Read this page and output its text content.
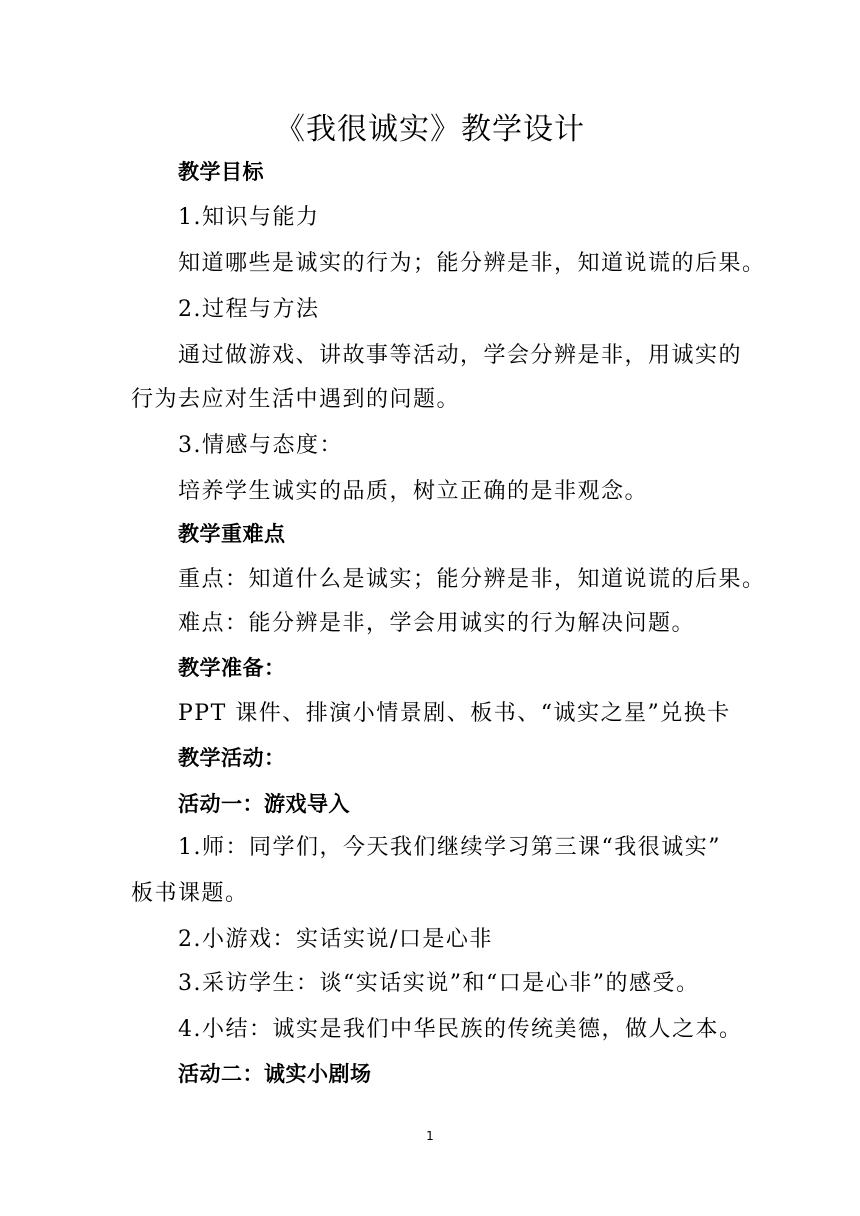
《我很诚实》教学设计
教学目标
1.知识与能力
知道哪些是诚实的行为；能分辨是非，知道说谎的后果。
2.过程与方法
通过做游戏、讲故事等活动，学会分辨是非，用诚实的
行为去应对生活中遇到的问题。
3.情感与态度：
培养学生诚实的品质，树立正确的是非观念。
教学重难点
重点：知道什么是诚实；能分辨是非，知道说谎的后果。
难点：能分辨是非，学会用诚实的行为解决问题。
教学准备：
PPT 课件、排演小情景剧、板书、“诚实之星”兑换卡
教学活动：
活动一：游戏导入
1.师：同学们，今天我们继续学习第三课“我很诚实”
板书课题。
2.小游戏：实话实说/口是心非
3.采访学生：谈“实话实说”和“口是心非”的感受。
4.小结：诚实是我们中华民族的传统美德，做人之本。
活动二：诚实小剧场
1
